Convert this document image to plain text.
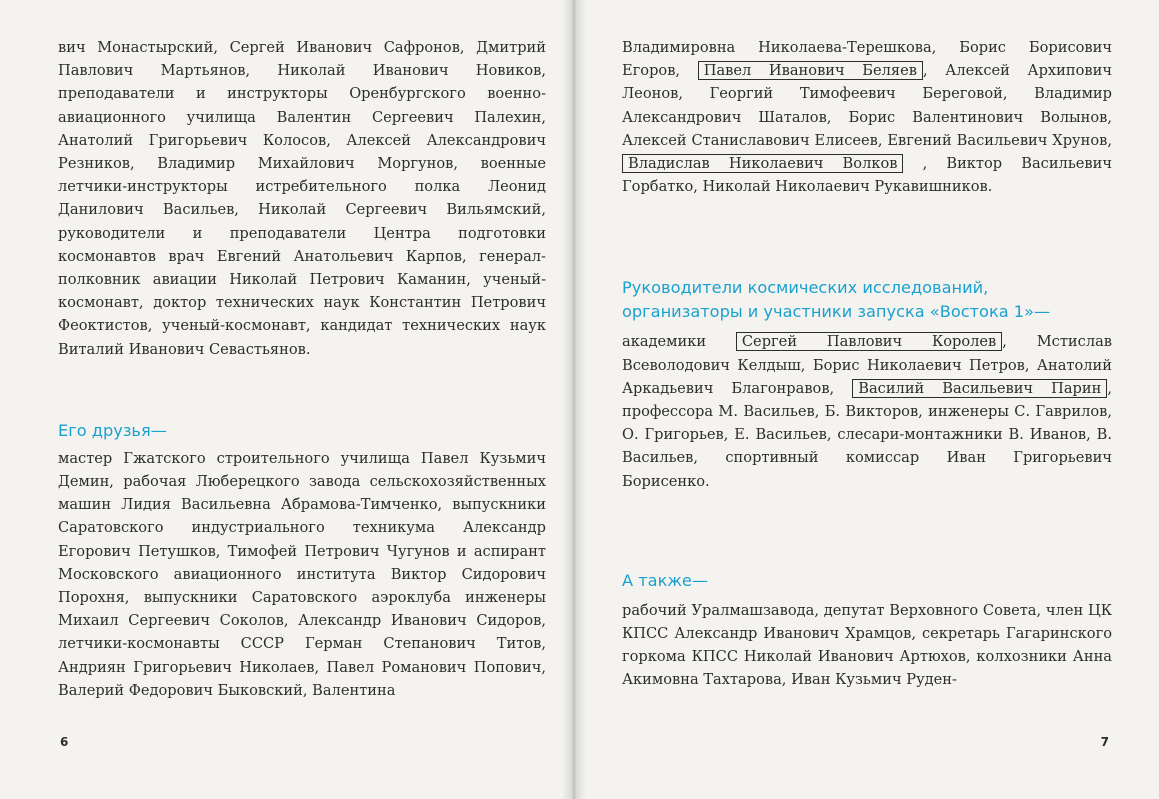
вич Монастырский, Сергей Иванович Сафронов, Дмитрий Павлович Мартьянов, Николай Иванович Новиков, преподаватели и инструкторы Оренбургского военно-авиационного училища Валентин Сергеевич Палехин, Анатолий Григорьевич Колосов, Алексей Александрович Резников, Владимир Михайлович Моргунов, военные летчики-инструкторы истребительного полка Леонид Данилович Васильев, Николай Сергеевич Вильямский, руководители и преподаватели Центра подготовки космонавтов врач Евгений Анатольевич Карпов, генерал-полковник авиации Николай Петрович Каманин, ученый-космонавт, доктор технических наук Константин Петрович Феоктистов, ученый-космонавт, кандидат технических наук Виталий Иванович Севастьянов.

Его друзья—

мастер Гжатского строительного училища Павел Кузьмич Демин, рабочая Люберецкого завода сельскохозяйственных машин Лидия Васильевна Абрамова-Тимченко, выпускники Саратовского индустриального техникума Александр Егорович Петушков, Тимофей Петрович Чугунов и аспирант Московского авиационного института Виктор Сидорович Порохня, выпускники Саратовского аэроклуба инженеры Михаил Сергеевич Соколов, Александр Иванович Сидоров, летчики-космонавты СССР Герман Степанович Титов, Андриян Григорьевич Николаев, Павел Романович Попович, Валерий Федорович Быковский, Валентина

6

Владимировна Николаева-Терешкова, Борис Борисович Егоров, Павел Иванович Беляев , Алексей Архипович Леонов, Георгий Тимофеевич Береговой, Владимир Александрович Шаталов, Борис Валентинович Волынов, Алексей Станиславович Елисеев, Евгений Васильевич Хрунов, Владислав Николаевич Волков , Виктор Васильевич Горбатко, Николай Николаевич Рукавишников.

Руководители космических исследований, организаторы и участники запуска «Востока 1»—

академики Сергей Павлович Королев , Мстислав Всеволодович Келдыш, Борис Николаевич Петров, Анатолий Аркадьевич Благонравов, Василий Васильевич Парин , профессора М. Васильев, Б. Викторов, инженеры С. Гаврилов, О. Григорьев, Е. Васильев, слесари-монтажники В. Иванов, В. Васильев, спортивный комиссар Иван Григорьевич Борисенко.

А также—

рабочий Уралмашзавода, депутат Верховного Совета, член ЦК КПСС Александр Иванович Храмцов, секретарь Гагаринского горкома КПСС Николай Иванович Артюхов, колхозники Анна Акимовна Тахтарова, Иван Кузьмич Руден-

7
